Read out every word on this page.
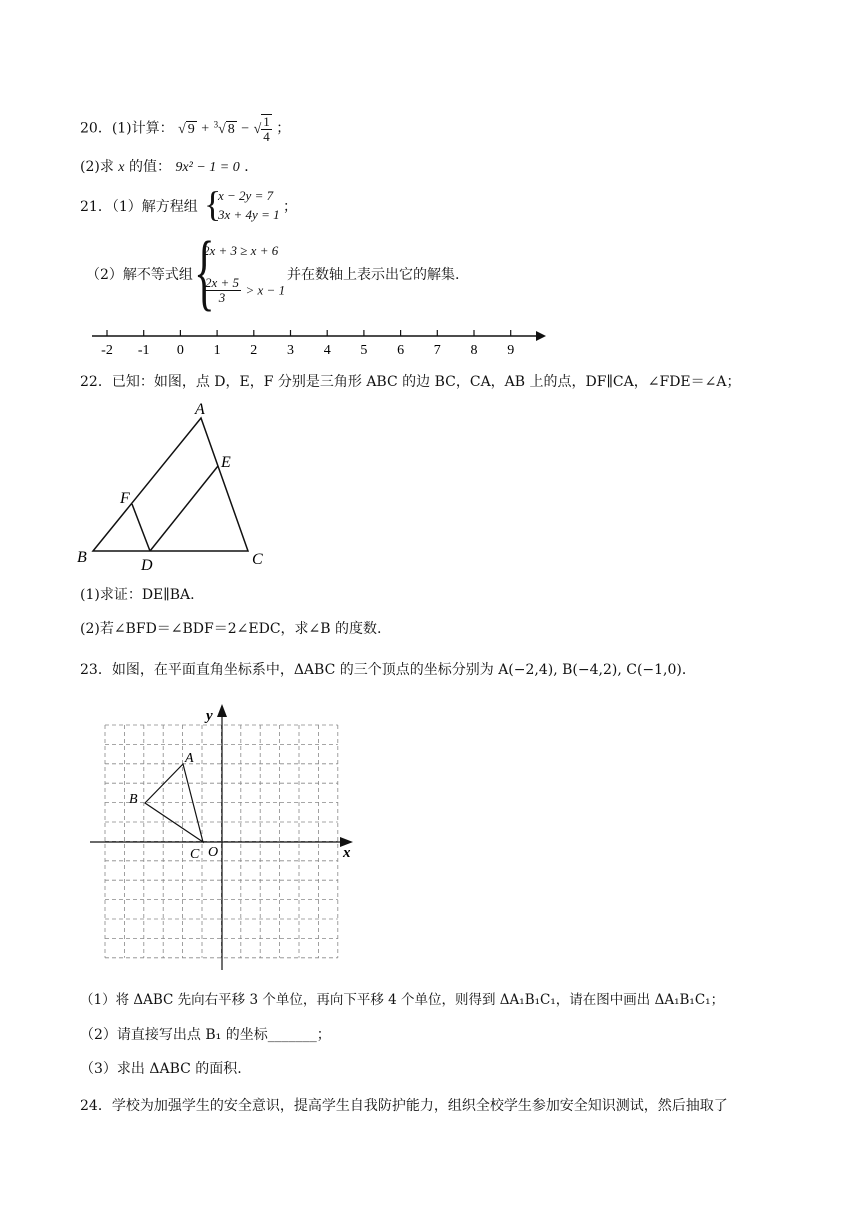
20．(1)计算： √ 9 + $^3$√ 8 − √ $\frac{1}{4}$ ；
(2)求 x 的值： 9x² − 1 = 0 ．
21．（1）解方程组 {
x − 2y = 7
3x + 4y = 1 ；
（2）解不等式组 {
2x + 3 ≥ x + 6
$\frac{2x + 5}{3} > x - 1$
并在数轴上表示出它的解集.
-2 -1 0 1 2 3 4 5 6 7 8 9
22．已知：如图，点 D，E，F 分别是三角形 ABC 的边 BC，CA，AB 上的点，DF∥CA，∠FDE＝∠A；
A
E
F
B	D	C
(1)求证：DE∥BA.
(2)若∠BFD＝∠BDF＝2∠EDC，求∠B 的度数.
23．如图，在平面直角坐标系中，ΔABC 的三个顶点的坐标分别为 A(−2,4), B(−4,2), C(−1,0)．
x
y
O
A
B
C
（1）将 ΔABC 先向右平移 3 个单位，再向下平移 4 个单位，则得到 ΔA₁B₁C₁，请在图中画出 ΔA₁B₁C₁；
（2）请直接写出点 B₁ 的坐标_______；
（3）求出 ΔABC 的面积.
24．学校为加强学生的安全意识，提高学生自我防护能力，组织全校学生参加安全知识测试，然后抽取了
